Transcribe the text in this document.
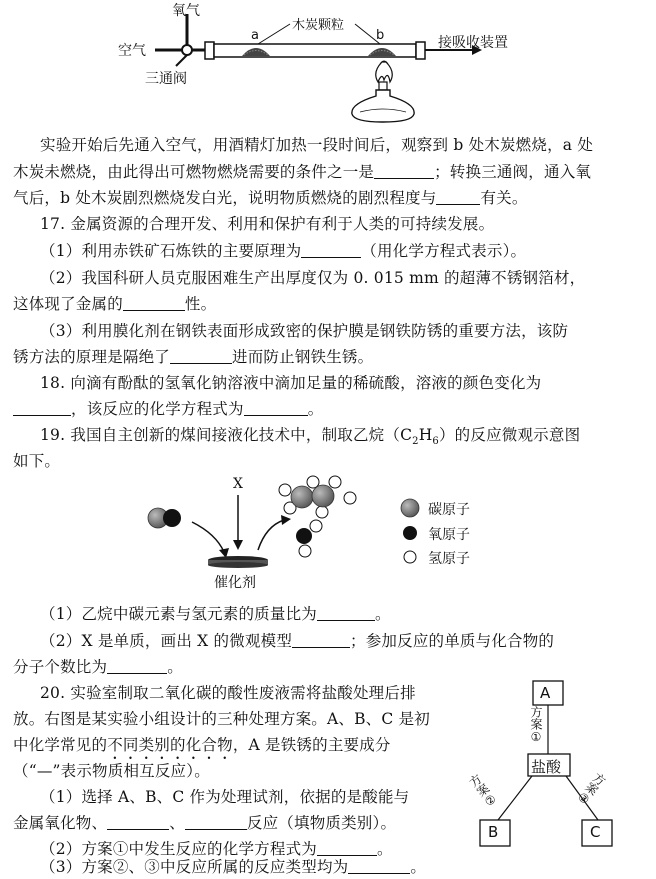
氧气
空气
三通阀
木炭颗粒
a	b	接吸收装置
实验开始后先通入空气，用酒精灯加热一段时间后，观察到 b 处木炭燃烧，a 处
木炭未燃烧，由此得出可燃物燃烧需要的条件之一是	；转换三通阀，通入氧
气后，b 处木炭剧烈燃烧发白光，说明物质燃烧的剧烈程度与	有关。
17. 金属资源的合理开发、利用和保护有利于人类的可持续发展。
（1）利用赤铁矿石炼铁的主要原理为	（用化学方程式表示）。
（2）我国科研人员克服困难生产出厚度仅为 0. 015 mm 的超薄不锈钢箔材，
这体现了金属的	性。
（3）利用膜化剂在钢铁表面形成致密的保护膜是钢铁防锈的重要方法，该防
锈方法的原理是隔绝了	进而防止钢铁生锈。
18. 向滴有酚酞的氢氧化钠溶液中滴加足量的稀硫酸，溶液的颜色变化为
，该反应的化学方程式为	。
19. 我国自主创新的煤间接液化技术中，制取乙烷$(C_2H_6)$的反应微观示意图
如下。
X
催化剂
碳原子
氧原子
氢原子
（1）乙烷中碳元素与氢元素的质量比为	。
（2）X 是单质，画出 X 的微观模型	；参加反应的单质与化合物的
分子个数比为	。
20. 实验室制取二氧化碳的酸性废液需将盐酸处理后排
放。右图是某实验小组设计的三种处理方案。A、B、C 是初
中化学常见的不同类别的化合物，A 是铁锈的主要成分
（“—”表示物质相互反应）。
（1）选择 A、B、C 作为处理试剂，依据的是酸能与
金属氧化物、	、	反应（填物质类别）。
（2）方案①中发生反应的化学方程式为	。
（3）方案②、③中反应所属的反应类型均为	。
A
盐酸
B	C
方案①
方案②	方案③
